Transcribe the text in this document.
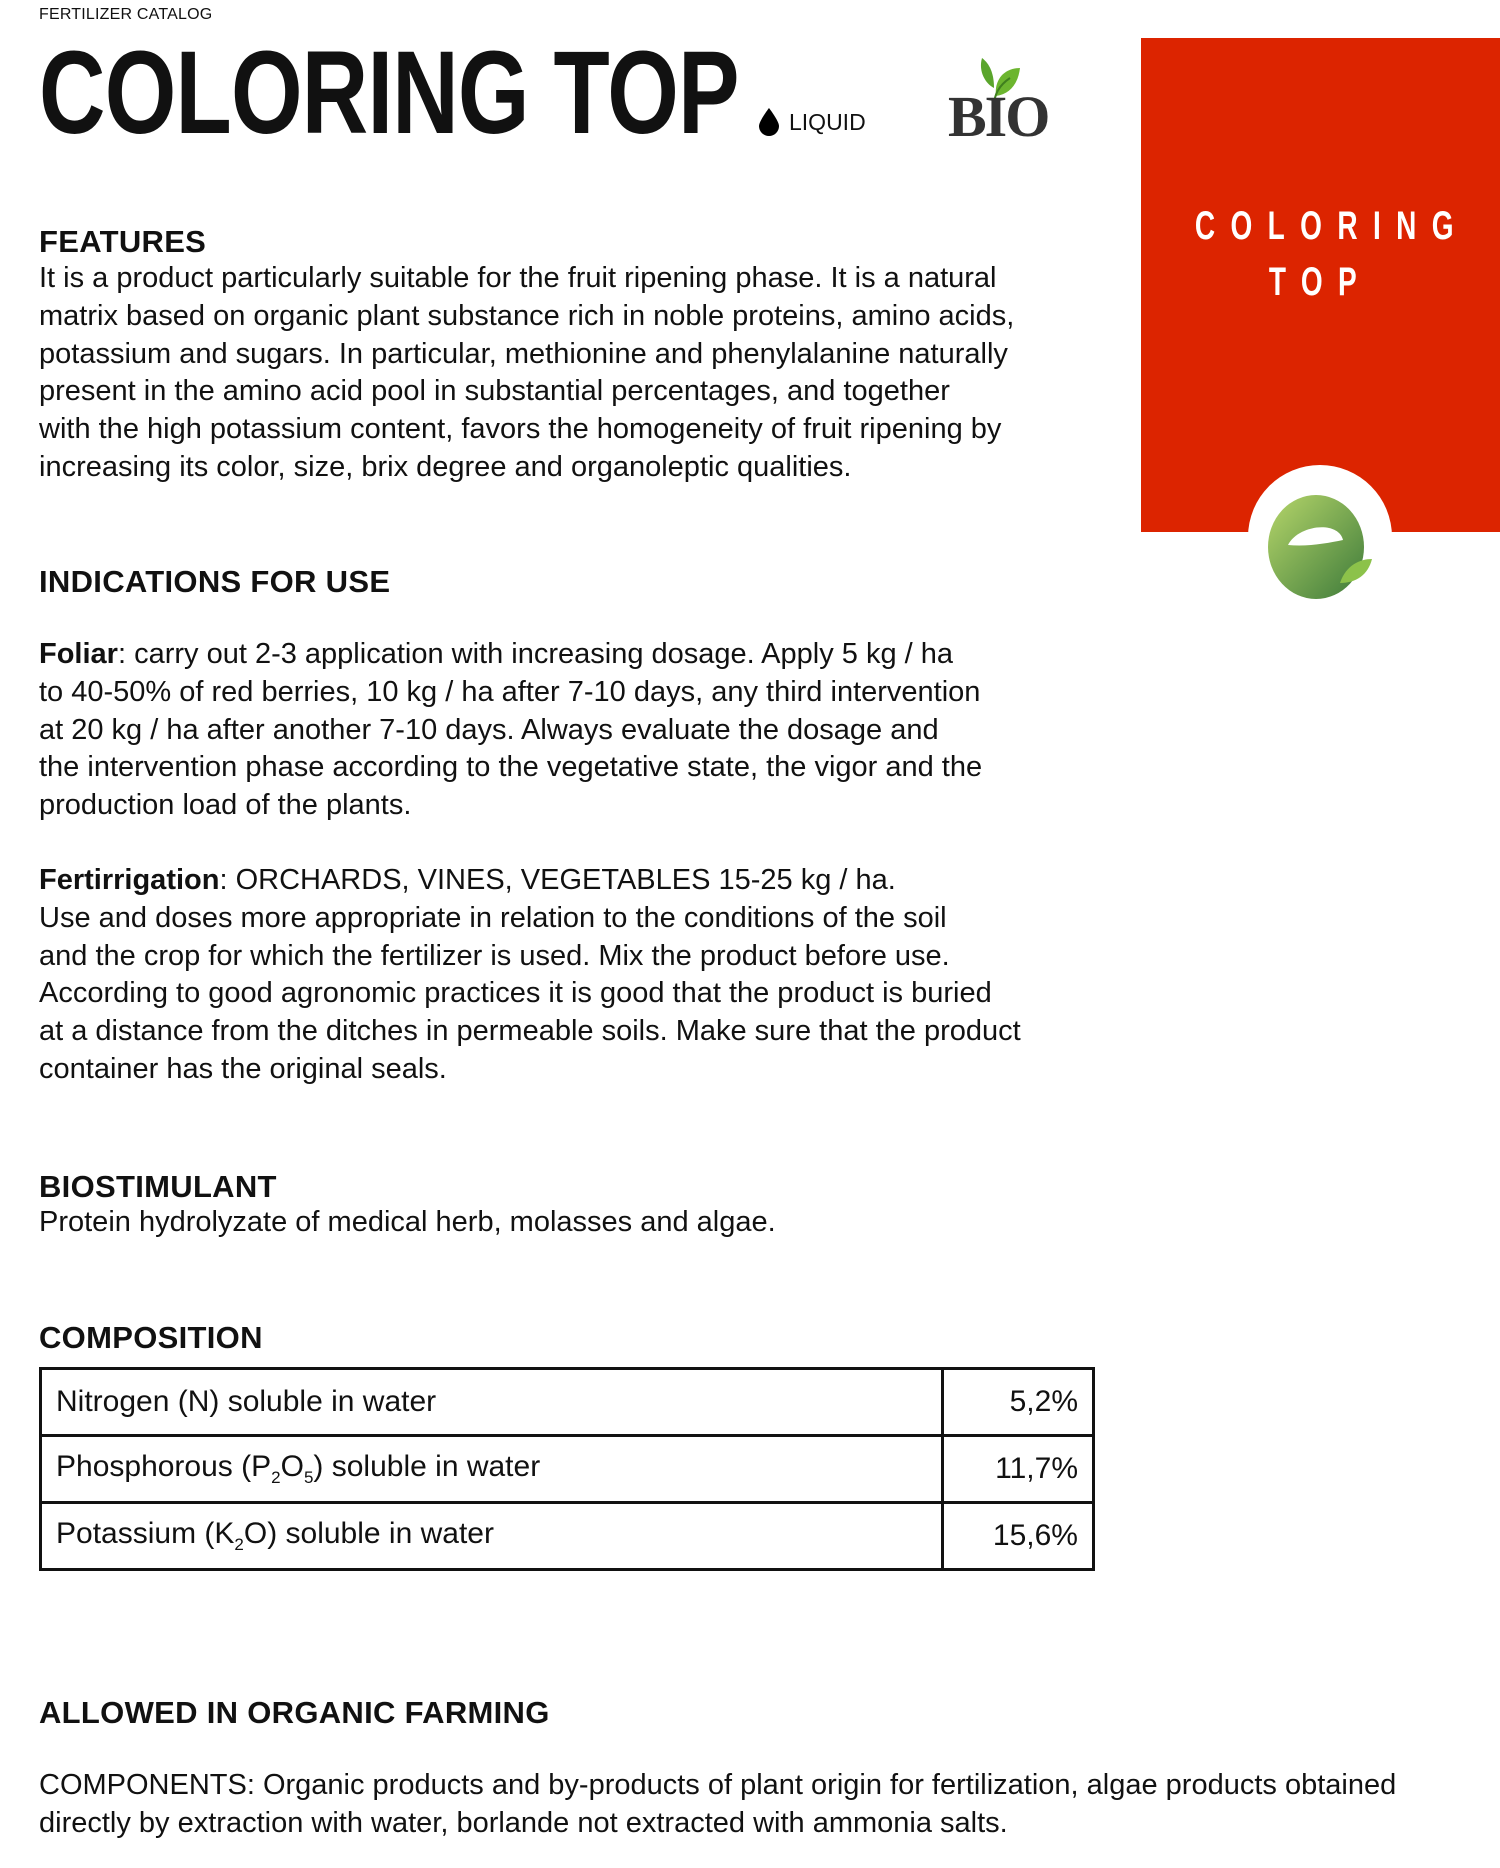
FERTILIZER CATALOG
COLORING TOP LIQUID BIO
COLORING
TOP
FEATURES
It is a product particularly suitable for the fruit ripening phase. It is a natural
matrix based on organic plant substance rich in noble proteins, amino acids,
potassium and sugars. In particular, methionine and phenylalanine naturally
present in the amino acid pool in substantial percentages, and together
with the high potassium content, favors the homogeneity of fruit ripening by
increasing its color, size, brix degree and organoleptic qualities.
INDICATIONS FOR USE
Foliar: carry out 2-3 application with increasing dosage. Apply 5 kg / ha
to 40-50% of red berries, 10 kg / ha after 7-10 days, any third intervention
at 20 kg / ha after another 7-10 days. Always evaluate the dosage and
the intervention phase according to the vegetative state, the vigor and the
production load of the plants.
Fertirrigation: ORCHARDS, VINES, VEGETABLES 15-25 kg / ha.
Use and doses more appropriate in relation to the conditions of the soil
and the crop for which the fertilizer is used. Mix the product before use.
According to good agronomic practices it is good that the product is buried
at a distance from the ditches in permeable soils. Make sure that the product
container has the original seals.
BIOSTIMULANT
Protein hydrolyzate of medical herb, molasses and algae.
COMPOSITION
Nitrogen (N) soluble in water	5,2%
Phosphorous $(P_2O_5)$ soluble in water	11,7%
Potassium $(K_2O)$ soluble in water	15,6%
ALLOWED IN ORGANIC FARMING
COMPONENTS: Organic products and by-products of plant origin for fertilization, algae products obtained
directly by extraction with water, borlande not extracted with ammonia salts.
